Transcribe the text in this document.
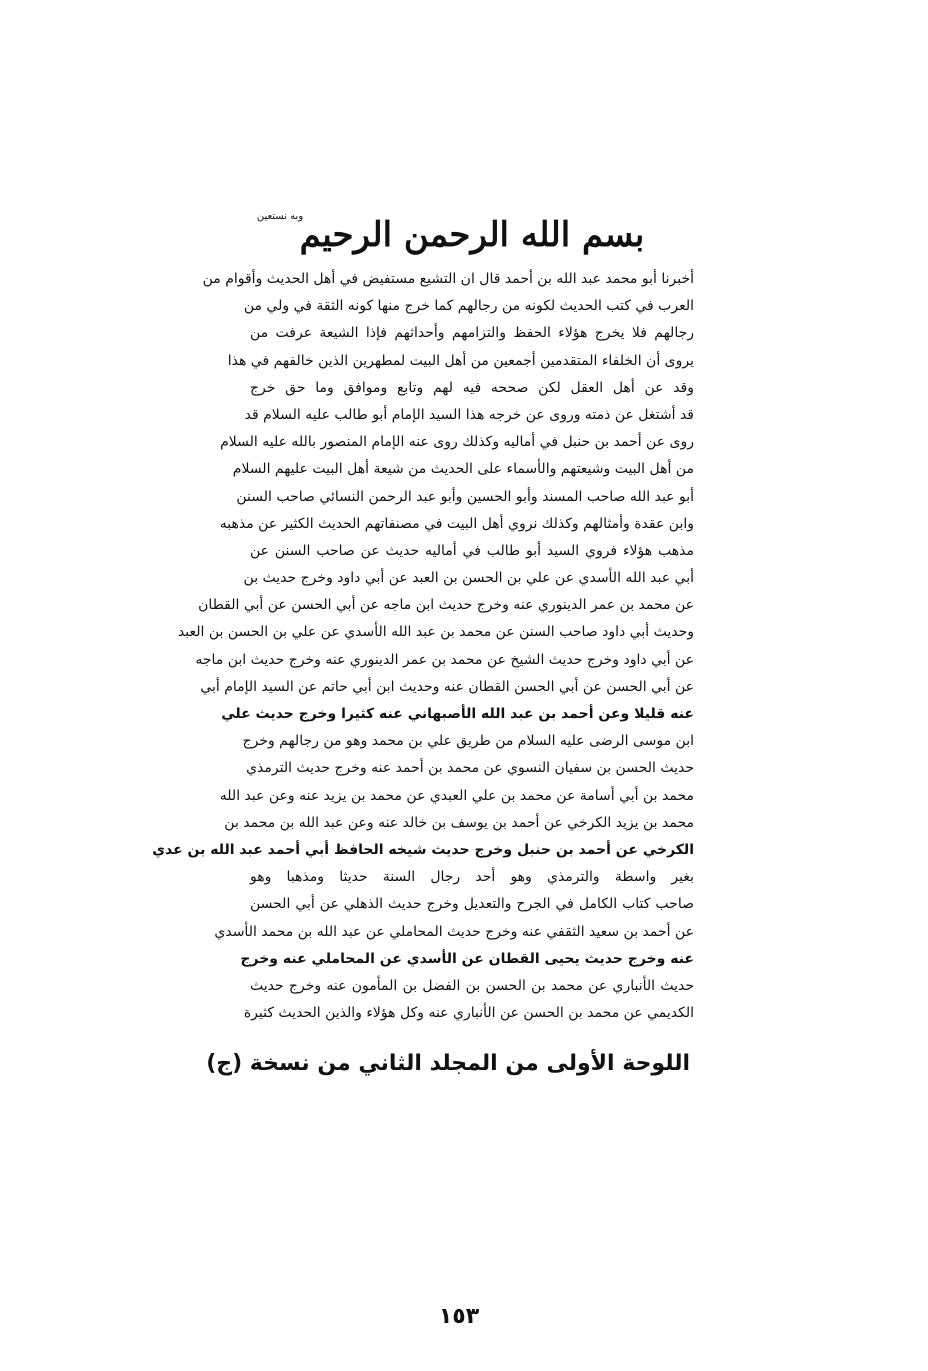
بسم الله الرحمن الرحيم
وبه نستعين
أخبرنا أبو محمد عبد الله بن أحمد قال ان التشيع مستفيض في أهل الحديث وأقوام من
العرب في كتب الحديث لكونه من رجالهم كما خرج منها كونه الثقة في ولي من
رجالهم فلا يخرج هؤلاء الحفظ والتزامهم وأحداثهم فإذا الشيعة عرفت من
يروى أن الخلفاء المتقدمين أجمعين من أهل البيت لمطهرين الذين خالفهم في هذا
وقد عن أهل العقل لكن صححه فيه لهم وتابع وموافق وما حق خرج
قد أشتغل عن ذمته وروى عن خرجه هذا السيد الإمام أبو طالب عليه السلام قد
روى عن أحمد بن حنبل في أماليه وكذلك روى عنه الإمام المنصور بالله عليه السلام
من أهل البيت وشيعتهم والأسماء على الحديث من شيعة أهل البيت عليهم السلام
أبو عبد الله صاحب المسند وأبو الحسين وأبو عبد الرحمن النسائي صاحب السنن
وابن عقدة وأمثالهم وكذلك نروي أهل البيت في مصنفاتهم الحديث الكثير عن مذهبه
مذهب هؤلاء فروي السيد أبو طالب في أماليه حديث عن صاحب السنن عن
أبي عبد الله الأسدي عن علي بن الحسن بن العبد عن أبي داود وخرج حديث بن
عن محمد بن عمر الدينوري عنه وخرج حديث ابن ماجه عن أبي الحسن عن أبي القطان
وحديث أبي داود صاحب السنن عن محمد بن عبد الله الأسدي عن علي بن الحسن بن العبد
عن أبي داود وخرج حديث الشيخ عن محمد بن عمر الدينوري عنه وخرج حديث ابن ماجه
عن أبي الحسن عن أبي الحسن القطان عنه وحديث ابن أبي حاتم عن السيد الإمام أبي
عنه قليلا وعن أحمد بن عبد الله الأصبهاني عنه كثيرا وخرج حديث علي
ابن موسى الرضى عليه السلام من طريق علي بن محمد وهو من رجالهم وخرج
حديث الحسن بن سفيان النسوي عن محمد بن أحمد عنه وخرج حديث الترمذي
محمد بن أبي أسامة عن محمد بن علي العبدي عن محمد بن يزيد عنه وعن عبد الله
محمد بن يزيد الكرخي عن أحمد بن يوسف بن خالد عنه وعن عبد الله بن محمد بن
الكرخي عن أحمد بن حنبل وخرج حديث شيخه الحافظ أبي أحمد عبد الله بن عدي
بغير واسطة والترمذي وهو أحد رجال السنة حديثا ومذهبا وهو
صاحب كتاب الكامل في الجرح والتعديل وخرج حديث الذهلي عن أبي الحسن
عن أحمد بن سعيد الثقفي عنه وخرج حديث المحاملي عن عبد الله بن محمد الأسدي
عنه وخرج حديث يحيى القطان عن الأسدي عن المحاملي عنه وخرج
حديث الأنباري عن محمد بن الحسن بن الفضل بن المأمون عنه وخرج حديث
الكديمي عن محمد بن الحسن عن الأنباري عنه وكل هؤلاء والذين الحديث كثيرة
اللوحة الأولى من المجلد الثاني من نسخة (ج)
١٥٣
